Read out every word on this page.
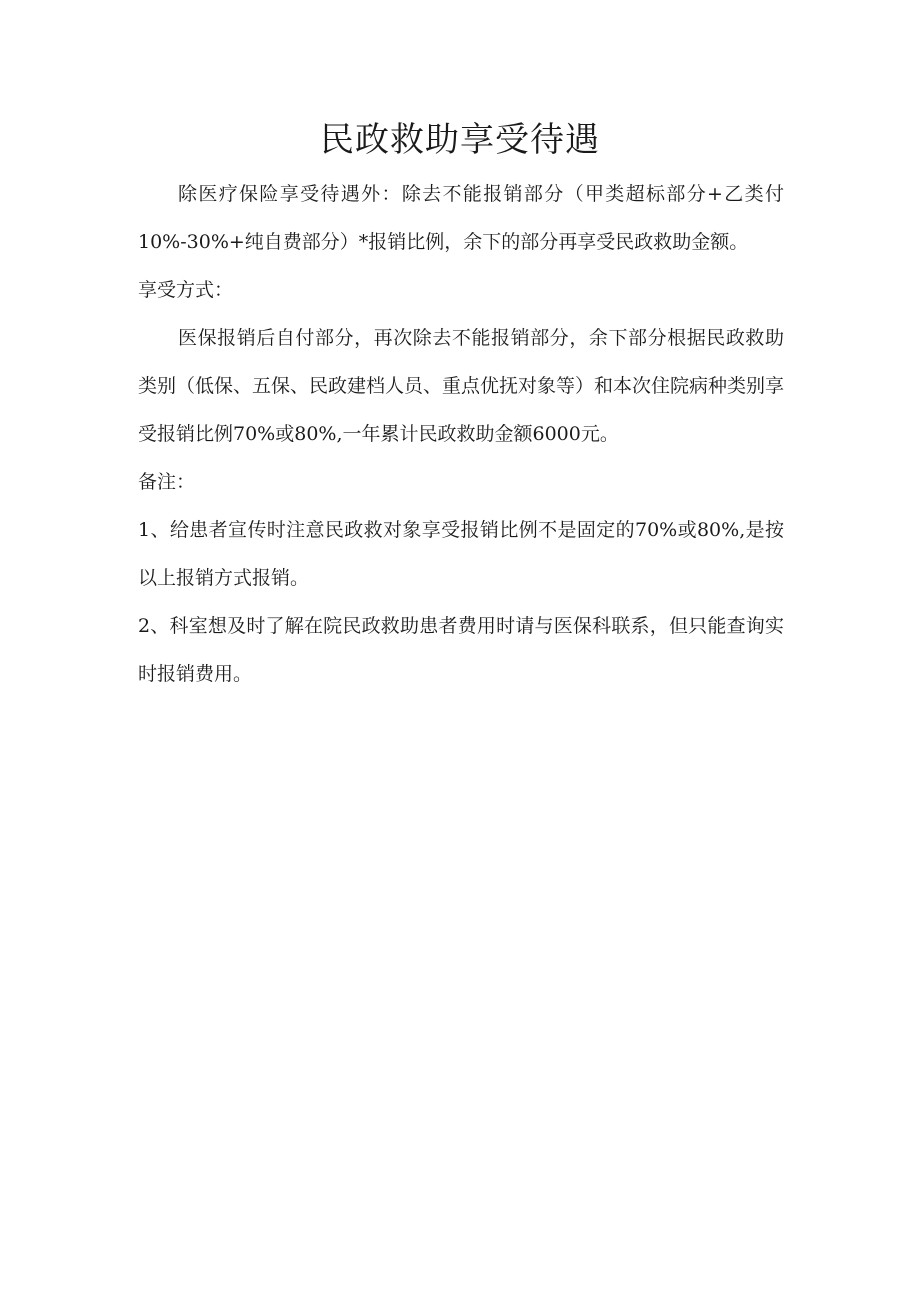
民政救助享受待遇

除医疗保险享受待遇外：除去不能报销部分（甲类超标部分+乙类付10%-30%+纯自费部分）*报销比例，余下的部分再享受民政救助金额。

享受方式：

医保报销后自付部分，再次除去不能报销部分，余下部分根据民政救助类别（低保、五保、民政建档人员、重点优抚对象等）和本次住院病种类别享受报销比例70%或80%,一年累计民政救助金额6000元。

备注：

1、给患者宣传时注意民政救对象享受报销比例不是固定的70%或80%,是按以上报销方式报销。

2、科室想及时了解在院民政救助患者费用时请与医保科联系，但只能查询实时报销费用。
